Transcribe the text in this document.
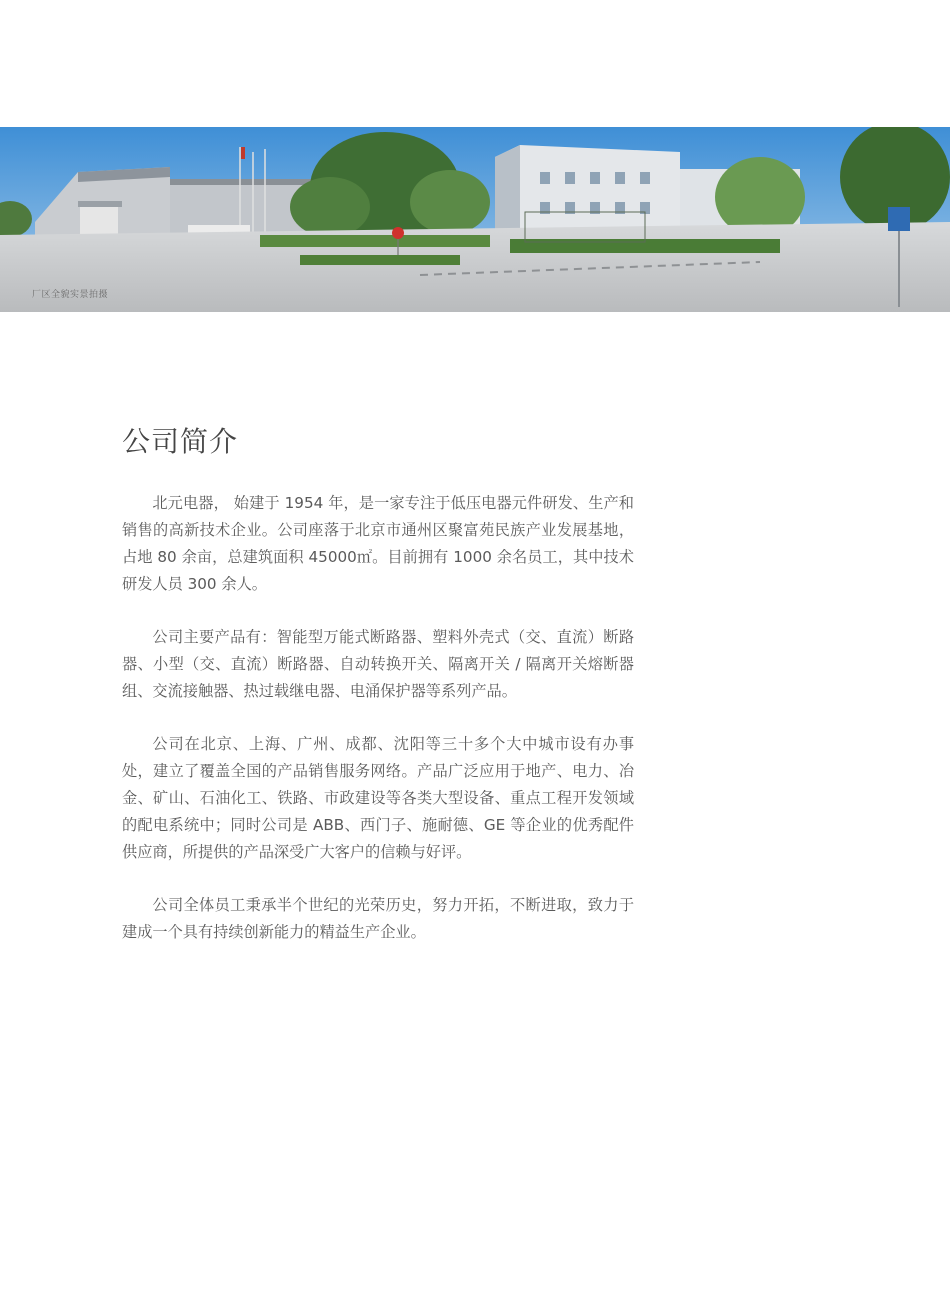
厂区全貌实景拍摄
公司简介

北元电器， 始建于 1954 年，是一家专注于低压电器元件研发、生产和销售的高新技术企业。公司座落于北京市通州区聚富苑民族产业发展基地，占地 80 余亩，总建筑面积 45000㎡。目前拥有 1000 余名员工，其中技术研发人员 300 余人。

公司主要产品有：智能型万能式断路器、塑料外壳式（交、直流）断路器、小型（交、直流）断路器、自动转换开关、隔离开关 / 隔离开关熔断器组、交流接触器、热过载继电器、电涌保护器等系列产品。

公司在北京、上海、广州、成都、沈阳等三十多个大中城市设有办事处，建立了覆盖全国的产品销售服务网络。产品广泛应用于地产、电力、冶金、矿山、石油化工、铁路、市政建设等各类大型设备、重点工程开发领域的配电系统中；同时公司是 ABB、西门子、施耐德、GE 等企业的优秀配件供应商，所提供的产品深受广大客户的信赖与好评。

公司全体员工秉承半个世纪的光荣历史，努力开拓，不断进取，致力于建成一个具有持续创新能力的精益生产企业。
